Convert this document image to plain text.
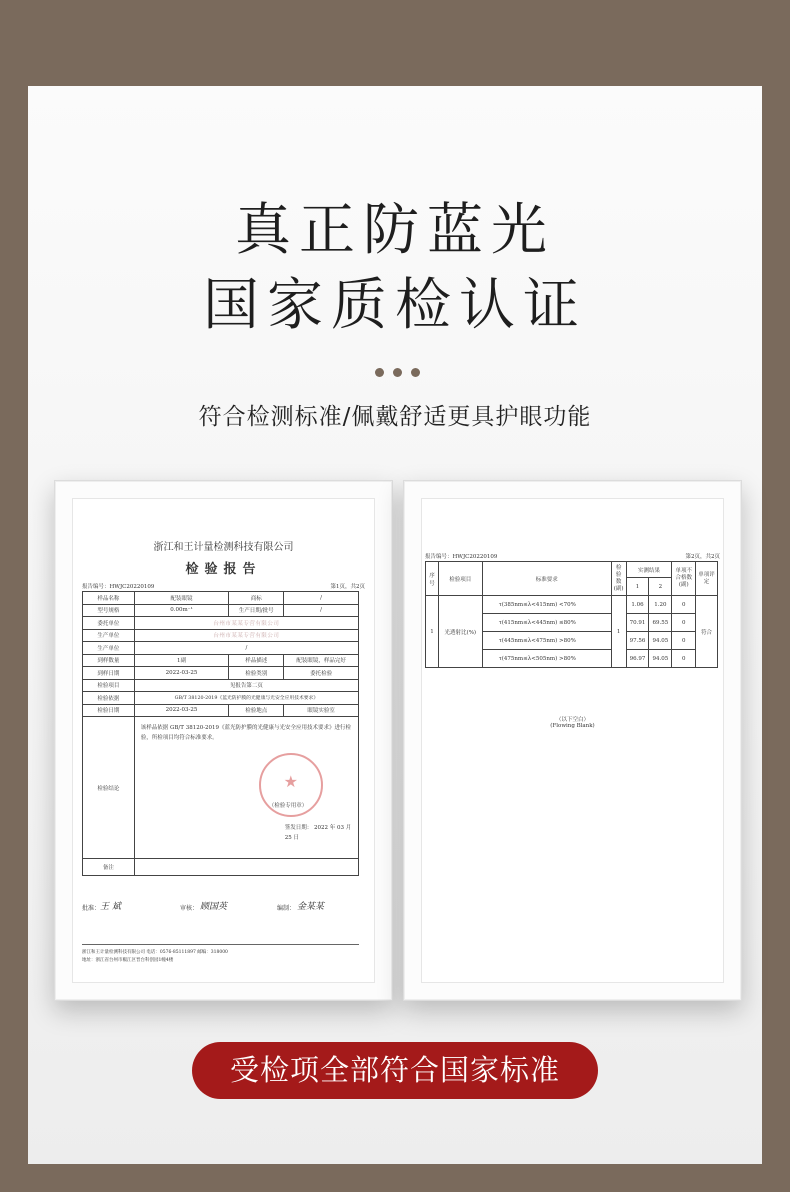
真正防蓝光
国家质检认证
符合检测标准/佩戴舒适更具护眼功能
浙江和王计量检测科技有限公司
检验报告
报告编号：HWJC20220109	第1页，共2页
样品名称	配装眼镜	商标	/
型号规格	0.00m⁻¹	生产日期/批号	/
委托单位	台州市某某专营有限公司		
生产单位	台州市某某专营有限公司		
生产单位	/		
到样数量	1副	样品描述	配装眼镜，样品完好
到样日期	2022-03-25	检验类别	委托检验
检验项目	见报告第二页		
检验依据	GB/T 38120-2019《蓝光防护膜的光健康与光安全应用技术要求》		
检验日期	2022-03-25	检验地点	眼镜实验室
检验结论	该样品依据 GB/T 38120-2019《蓝光防护膜的光健康与光安全应用技术要求》进行检验，所检项目均符合标准要求。
★
（检验专用章）
签发日期： 2022 年 03 月 25 日		

备注			
批准： 王 斌	审核： 顾国英	编制： 金某某
浙江和王计量检测科技有限公司 电话：0576-85111897 邮编：318000
地址：浙江省台州市椒江区晋台科创园1幢4楼
报告编号：HWJC20220109	第2页，共2页
序号	检验项目	标准要求	检验数(副)	实测结果		单项不合格数(副)	单项评定
				1	2		
1	光透射比(%)	τ(385nm≤λ<415nm) <70%	1	1.06	1.20	0	符合
		τ(415nm≤λ<445nm) ≤80%		70.91	69.55	0	
		τ(445nm≤λ<475nm) >80%		97.56	94.05	0	
		τ(475nm≤λ<505nm) >80%		96.97	94.05	0	
（以下空白）
(Flowing Blank)
受检项全部符合国家标准
